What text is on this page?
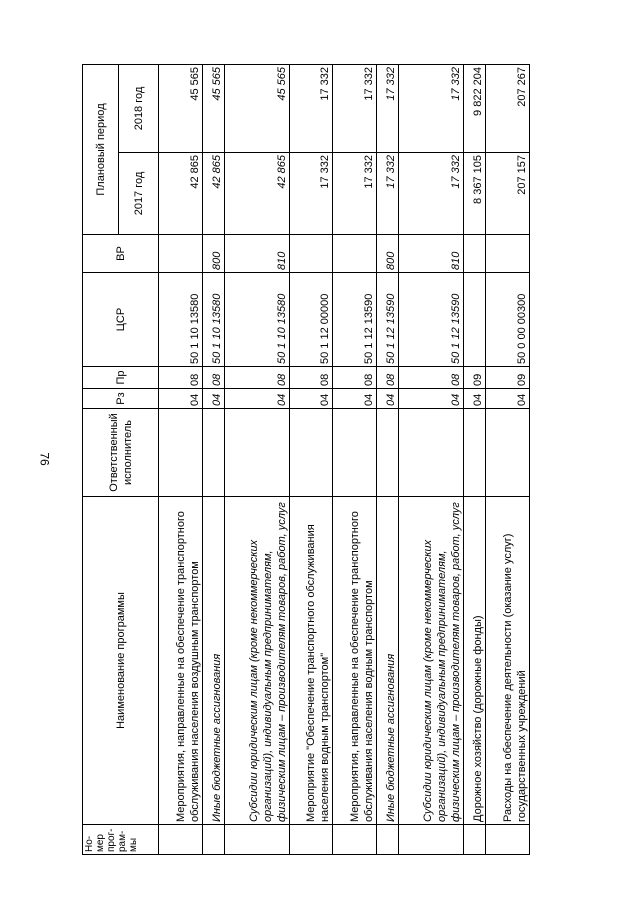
76
Но-
мер
прог-
рам-
мы	Наименование программы	Ответственный исполнитель	Рз	Пр	ЦСР	ВР	Плановый период	
							2017 год	2018 год
	Мероприятия, направленные на обеспечение транспортного обслуживания населения воздушным транспортом		04	08	50 1 10 13580		42 865	45 565
	Иные бюджетные ассигнования		04	08	50 1 10 13580	800	42 865	45 565
	Субсидии юридическим лицам (кроме некоммерческих организаций), индивидуальным предпринимателям, физическим лицам – производителям товаров, работ, услуг		04	08	50 1 10 13580	810	42 865	45 565
	Мероприятие "Обеспечение транспортного обслуживания населения водным транспортом"		04	08	50 1 12 00000		17 332	17 332
	Мероприятия, направленные на обеспечение транспортного обслуживания населения водным транспортом		04	08	50 1 12 13590		17 332	17 332
	Иные бюджетные ассигнования		04	08	50 1 12 13590	800	17 332	17 332
	Субсидии юридическим лицам (кроме некоммерческих организаций), индивидуальным предпринимателям, физическим лицам – производителям товаров, работ, услуг		04	08	50 1 12 13590	810	17 332	17 332
	Дорожное хозяйство (дорожные фонды)		04	09			8 367 105	9 822 204
	Расходы на обеспечение деятельности (оказание услуг) государственных учреждений		04	09	50 0 00 00300		207 157	207 267
